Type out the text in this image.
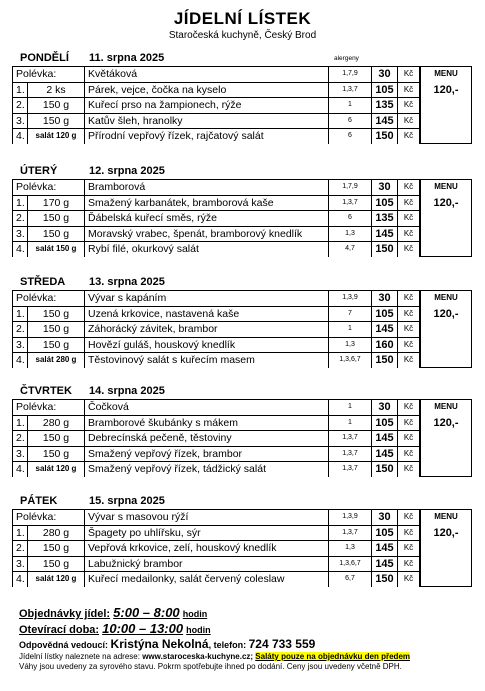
JÍDELNÍ LÍSTEK
Staročeská kuchyně, Český Brod
PONDĚLÍ 11. srpna 2025	alergeny
Polévka:	Květáková	1,7,9	30	Kč
1.	2 ks	Párek, vejce, čočka na kyselo	1,3,7	105	Kč
2.	150 g	Kuřecí prso na žampionech, rýže	1	135	Kč
3.	150 g	Katův šleh, hranolky	6	145	Kč
4.	salát 120 g	Přírodní vepřový řízek, rajčatový salát	6	150	Kč
MENU
120,-
ÚTERÝ	12. srpna 2025
Polévka:	Bramborová	1,7,9	30	Kč
1.	170 g	Smažený karbanátek, bramborová kaše	1,3,7	105	Kč
2.	150 g	Ďábelská kuřecí směs, rýže	6	135	Kč
3.	150 g	Moravský vrabec, špenát, bramborový knedlík	1,3	145	Kč
4.	salát 150 g	Rybí filé, okurkový salát	4,7	150	Kč
MENU
120,-
STŘEDA 13. srpna 2025
Polévka:	Vývar s kapáním	1,3,9	30	Kč
1.	150 g	Uzená krkovice, nastavená kaše	7	105	Kč
2.	150 g	Záhorácký závitek, brambor	1	145	Kč
3.	150 g	Hovězí guláš, houskový knedlík	1,3	160	Kč
4.	salát 280 g	Těstovinový salát s kuřecím masem	1,3,6,7	150	Kč
MENU
120,-
ČTVRTEK 14. srpna 2025
Polévka:	Čočková	1	30	Kč
1.	280 g	Bramborové škubánky s mákem	1	105	Kč
2.	150 g	Debrecínská pečeně, těstoviny	1,3,7	145	Kč
3.	150 g	Smažený vepřový řízek, brambor	1,3,7	145	Kč
4.	salát 120 g	Smažený vepřový řízek, tádžický salát	1,3,7	150	Kč
MENU
120,-
PÁTEK	15. srpna 2025
Polévka:	Vývar s masovou rýží	1,3,9	30	Kč
1.	280 g	Špagety po uhlířsku, sýr	1,3,7	105	Kč
2.	150 g	Vepřová krkovice, zelí, houskový knedlík	1,3	145	Kč
3.	150 g	Labužnický brambor	1,3,6,7	145	Kč
4.	salát 120 g	Kuřecí medailonky, salát červený coleslaw	6,7	150	Kč
MENU
120,-
Objednávky jídel: 5:00 – 8:00 hodin
Otevírací doba: 10:00 – 13:00 hodin
Odpovědná vedoucí: Kristýna Nekolná, telefon: 724 733 559
Jídelní lístky naleznete na adrese: www.staroceska-kuchyne.cz; Saláty pouze na objednávku den předem
Váhy jsou uvedeny za syrového stavu. Pokrm spotřebujte ihned po dodání. Ceny jsou uvedeny včetně DPH.
